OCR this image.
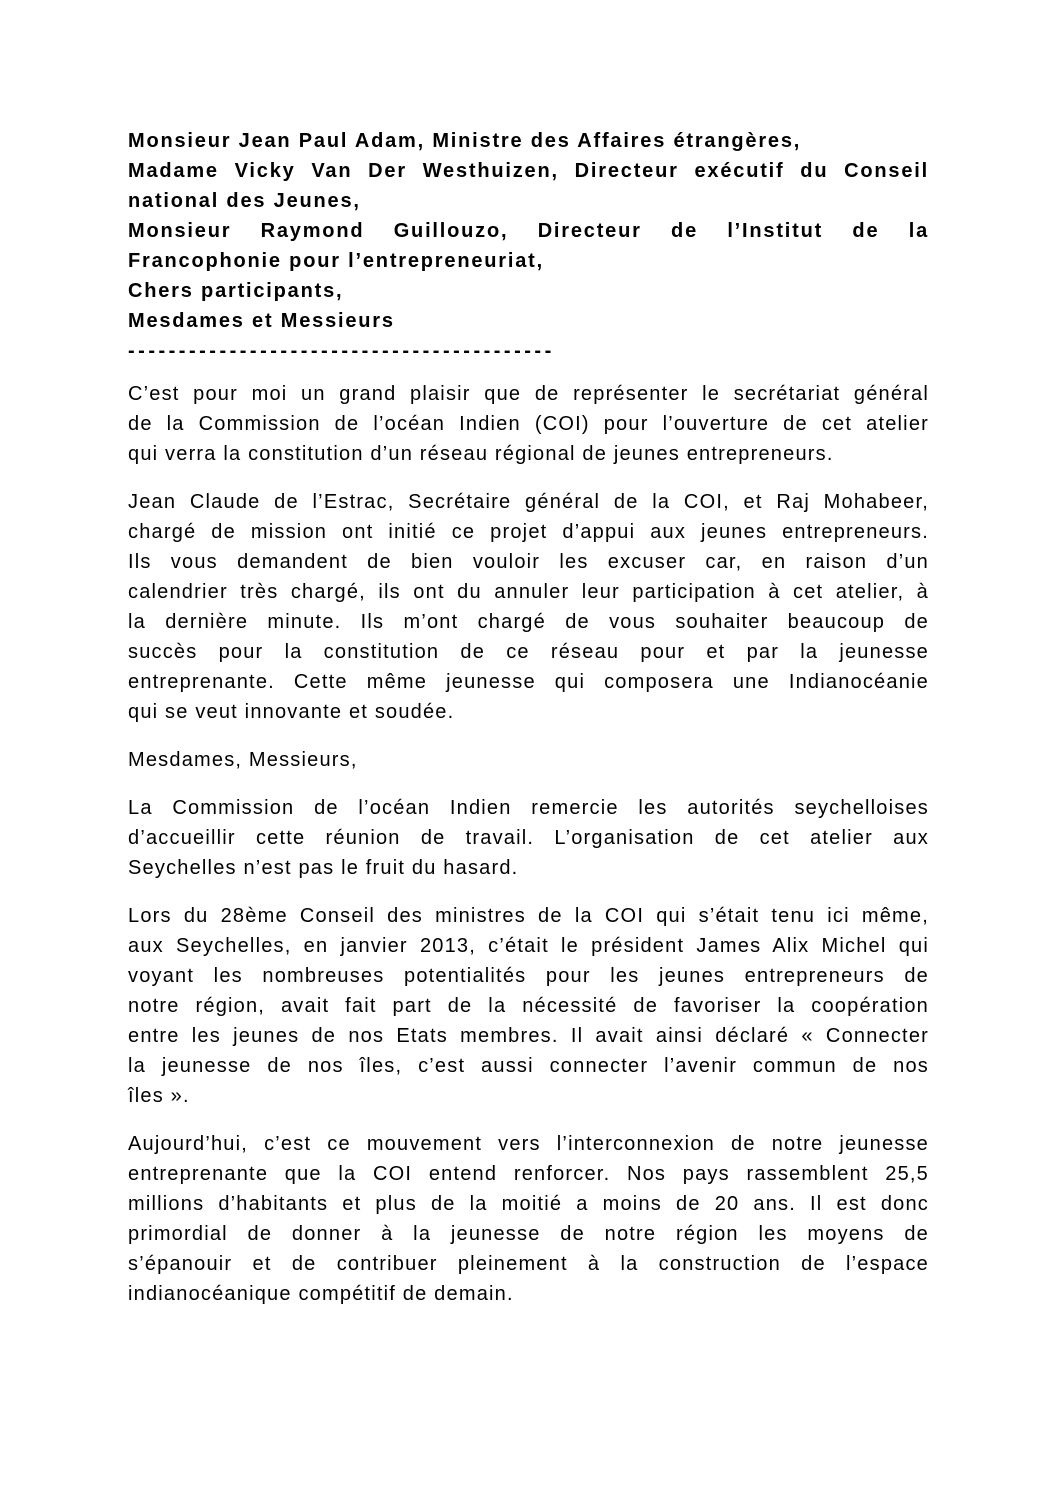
Monsieur Jean Paul Adam, Ministre des Affaires étrangères,
Madame Vicky Van Der Westhuizen, Directeur exécutif du Conseil
national des Jeunes,
Monsieur Raymond Guillouzo, Directeur de l’Institut de la
Francophonie pour l’entrepreneuriat,
Chers participants,
Mesdames et Messieurs
------------------------------------------
C’est pour moi un grand plaisir que de représenter le secrétariat général
de la Commission de l’océan Indien (COI) pour l’ouverture de cet atelier
qui verra la constitution d’un réseau régional de jeunes entrepreneurs.
Jean Claude de l’Estrac, Secrétaire général de la COI, et Raj Mohabeer,
chargé de mission ont initié ce projet d’appui aux jeunes entrepreneurs.
Ils vous demandent de bien vouloir les excuser car, en raison d’un
calendrier très chargé, ils ont du annuler leur participation à cet atelier, à
la dernière minute. Ils m’ont chargé de vous souhaiter beaucoup de
succès pour la constitution de ce réseau pour et par la jeunesse
entreprenante. Cette même jeunesse qui composera une Indianocéanie
qui se veut innovante et soudée.
Mesdames, Messieurs,
La Commission de l’océan Indien remercie les autorités seychelloises
d’accueillir cette réunion de travail. L’organisation de cet atelier aux
Seychelles n’est pas le fruit du hasard.
Lors du 28ème Conseil des ministres de la COI qui s’était tenu ici même,
aux Seychelles, en janvier 2013, c’était le président James Alix Michel qui
voyant les nombreuses potentialités pour les jeunes entrepreneurs de
notre région, avait fait part de la nécessité de favoriser la coopération
entre les jeunes de nos Etats membres. Il avait ainsi déclaré « Connecter
la jeunesse de nos îles, c’est aussi connecter l’avenir commun de nos
îles ».
Aujourd’hui, c’est ce mouvement vers l’interconnexion de notre jeunesse
entreprenante que la COI entend renforcer. Nos pays rassemblent 25,5
millions d’habitants et plus de la moitié a moins de 20 ans. Il est donc
primordial de donner à la jeunesse de notre région les moyens de
s’épanouir et de contribuer pleinement à la construction de l’espace
indianocéanique compétitif de demain.
